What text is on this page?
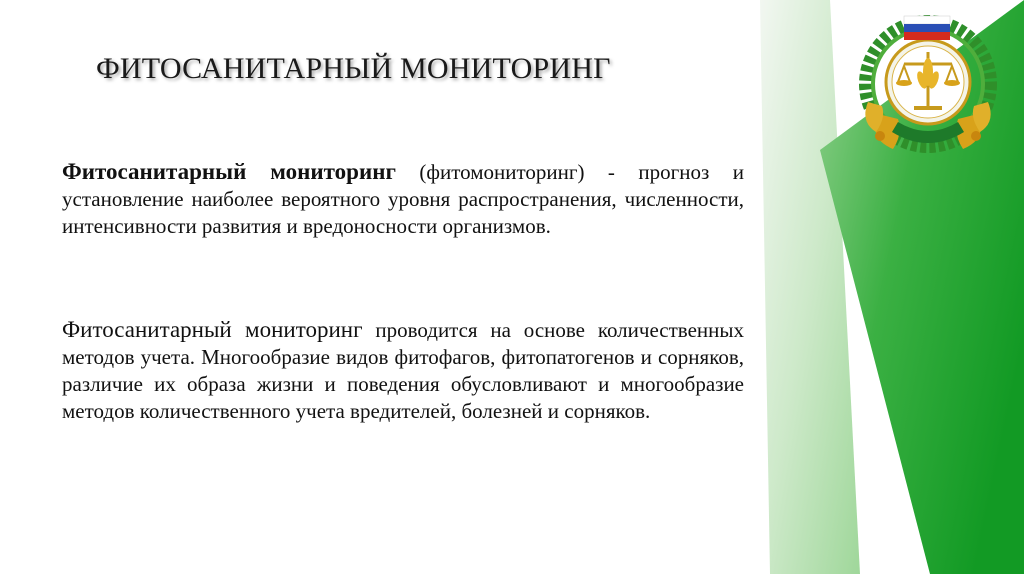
ФИТОСАНИТАРНЫЙ МОНИТОРИНГ

Фитосанитарный мониторинг (фитомониторинг) - прогноз и установление наиболее вероятного уровня распространения, численности, интенсивности развития и вредоносности организмов.

Фитосанитарный мониторинг проводится на основе количественных методов учета. Многообразие видов фитофагов, фитопатогенов и сорняков, различие их образа жизни и поведения обусловливают и многообразие методов количественного учета вредителей, болезней и сорняков.
